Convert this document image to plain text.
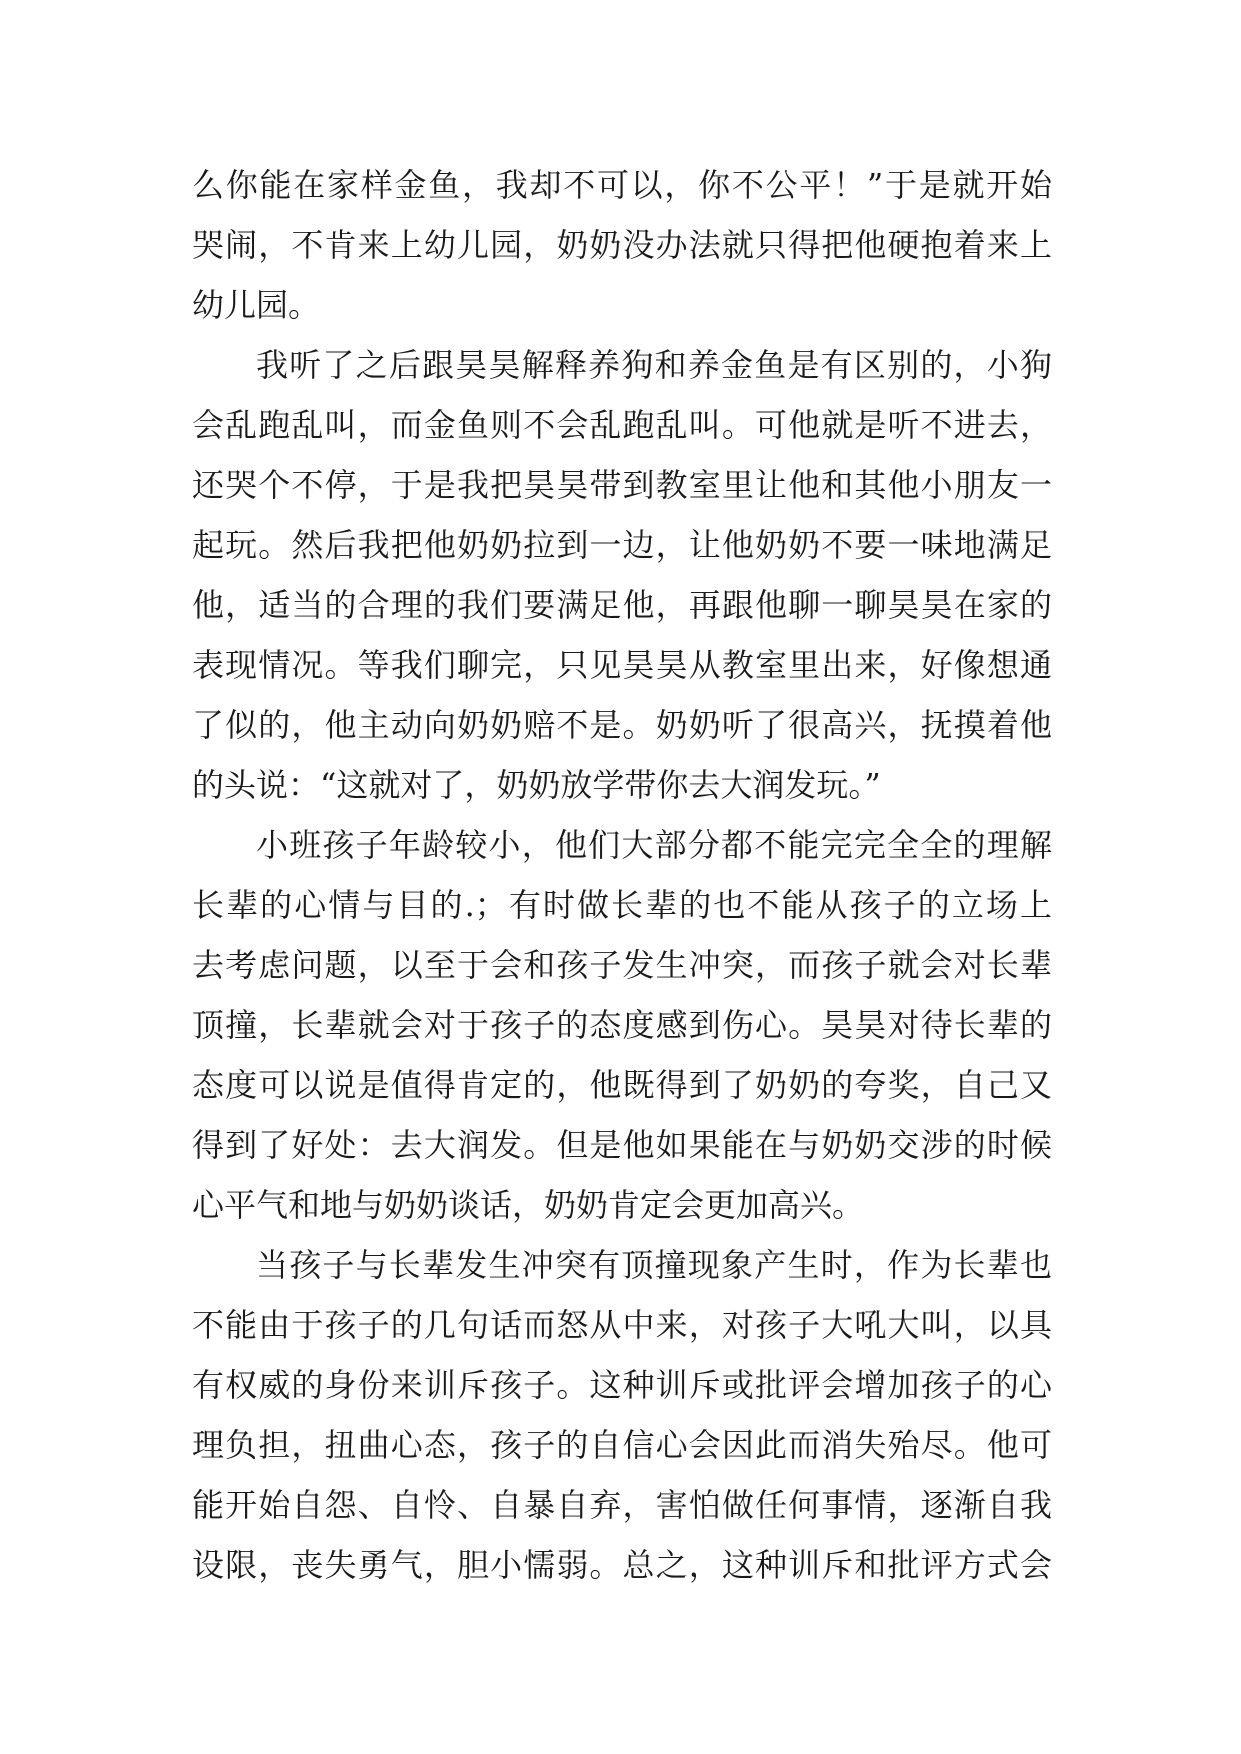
么你能在家样金鱼，我却不可以，你不公平！”于是就开始
哭闹，不肯来上幼儿园，奶奶没办法就只得把他硬抱着来上
幼儿园。
我听了之后跟昊昊解释养狗和养金鱼是有区别的，小狗
会乱跑乱叫，而金鱼则不会乱跑乱叫。可他就是听不进去，
还哭个不停，于是我把昊昊带到教室里让他和其他小朋友一
起玩。然后我把他奶奶拉到一边，让他奶奶不要一味地满足
他，适当的合理的我们要满足他，再跟他聊一聊昊昊在家的
表现情况。等我们聊完，只见昊昊从教室里出来，好像想通
了似的，他主动向奶奶赔不是。奶奶听了很高兴，抚摸着他
的头说：“这就对了，奶奶放学带你去大润发玩。”
小班孩子年龄较小，他们大部分都不能完完全全的理解
长辈的心情与目的.；有时做长辈的也不能从孩子的立场上
去考虑问题，以至于会和孩子发生冲突，而孩子就会对长辈
顶撞，长辈就会对于孩子的态度感到伤心。昊昊对待长辈的
态度可以说是值得肯定的，他既得到了奶奶的夸奖，自己又
得到了好处：去大润发。但是他如果能在与奶奶交涉的时候
心平气和地与奶奶谈话，奶奶肯定会更加高兴。
当孩子与长辈发生冲突有顶撞现象产生时，作为长辈也
不能由于孩子的几句话而怒从中来，对孩子大吼大叫，以具
有权威的身份来训斥孩子。这种训斥或批评会增加孩子的心
理负担，扭曲心态，孩子的自信心会因此而消失殆尽。他可
能开始自怨、自怜、自暴自弃，害怕做任何事情，逐渐自我
设限，丧失勇气，胆小懦弱。总之，这种训斥和批评方式会
